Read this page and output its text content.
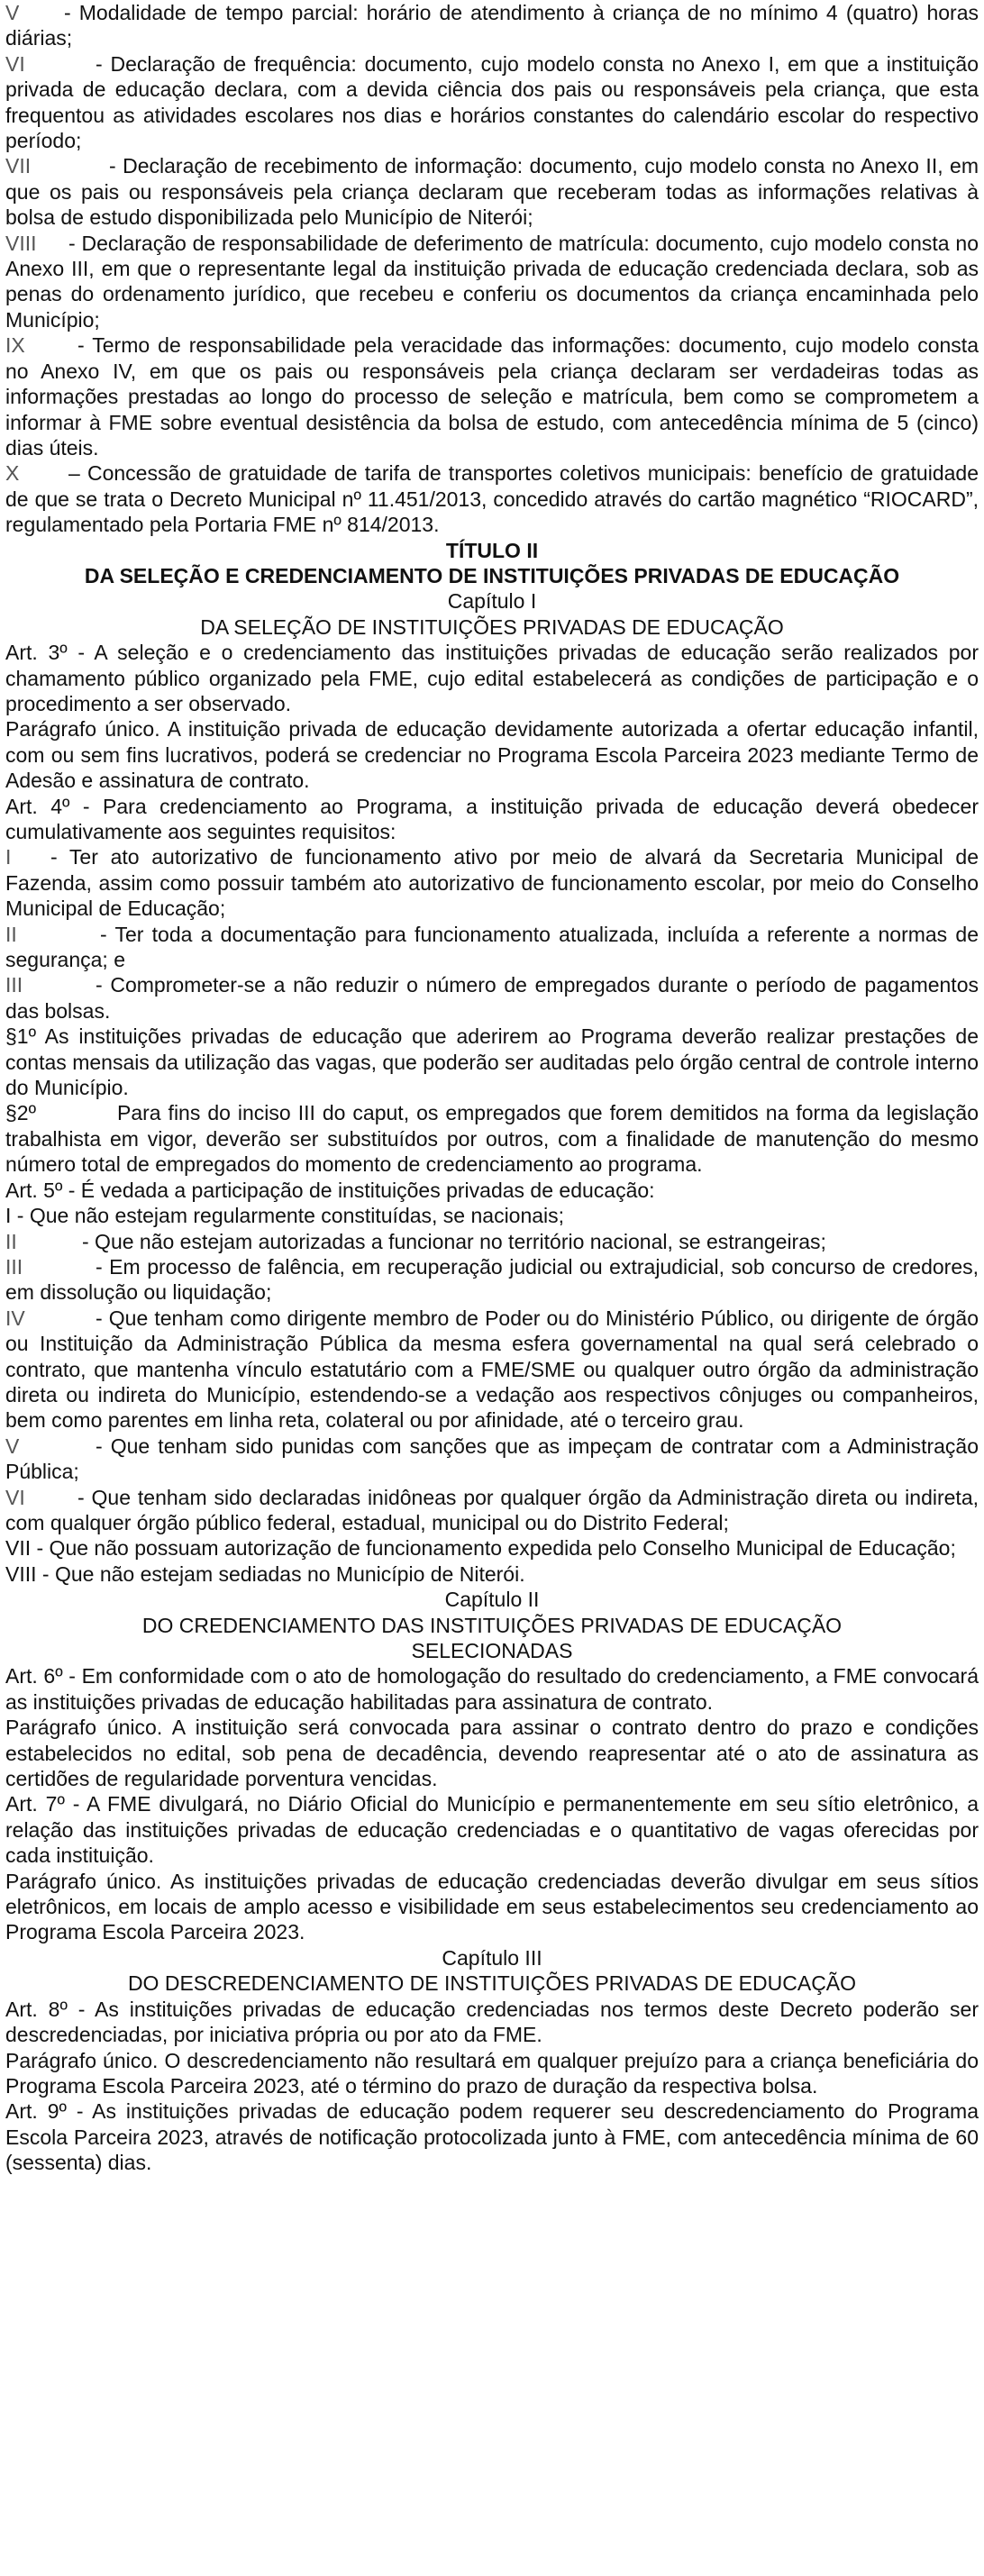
V - Modalidade de tempo parcial: horário de atendimento à criança de no mínimo 4 (quatro) horas diárias;

VI	- Declaração de frequência: documento, cujo modelo consta no Anexo I, em que a instituição privada de educação declara, com a devida ciência dos pais ou responsáveis pela criança, que esta frequentou as atividades escolares nos dias e horários constantes do calendário escolar do respectivo período;

VII	- Declaração de recebimento de informação: documento, cujo modelo consta no Anexo II, em que os pais ou responsáveis pela criança declaram que receberam todas as informações relativas à bolsa de estudo disponibilizada pelo Município de Niterói;

VIII - Declaração de responsabilidade de deferimento de matrícula: documento, cujo modelo consta no Anexo III, em que o representante legal da instituição privada de educação credenciada declara, sob as penas do ordenamento jurídico, que recebeu e conferiu os documentos da criança encaminhada pelo Município;

IX	- Termo de responsabilidade pela veracidade das informações: documento, cujo modelo consta no Anexo IV, em que os pais ou responsáveis pela criança declaram ser verdadeiras todas as informações prestadas ao longo do processo de seleção e matrícula, bem como se comprometem a informar à FME sobre eventual desistência da bolsa de estudo, com antecedência mínima de 5 (cinco) dias úteis.

X – Concessão de gratuidade de tarifa de transportes coletivos municipais: benefício de gratuidade de que se trata o Decreto Municipal nº 11.451/2013, concedido através do cartão magnético “RIOCARD”, regulamentado pela Portaria FME nº 814/2013.

TÍTULO II

DA SELEÇÃO E CREDENCIAMENTO DE INSTITUIÇÕES PRIVADAS DE EDUCAÇÃO

Capítulo I

DA SELEÇÃO DE INSTITUIÇÕES PRIVADAS DE EDUCAÇÃO

Art. 3º - A seleção e o credenciamento das instituições privadas de educação serão realizados por chamamento público organizado pela FME, cujo edital estabelecerá as condições de participação e o procedimento a ser observado.

Parágrafo único. A instituição privada de educação devidamente autorizada a ofertar educação infantil, com ou sem fins lucrativos, poderá se credenciar no Programa Escola Parceira 2023 mediante Termo de Adesão e assinatura de contrato.

Art. 4º - Para credenciamento ao Programa, a instituição privada de educação deverá obedecer cumulativamente aos seguintes requisitos:

I - Ter ato autorizativo de funcionamento ativo por meio de alvará da Secretaria Municipal de Fazenda, assim como possuir também ato autorizativo de funcionamento escolar, por meio do Conselho Municipal de Educação;

II	- Ter toda a documentação para funcionamento atualizada, incluída a referente a normas de segurança; e

III	- Comprometer-se a não reduzir o número de empregados durante o período de pagamentos das bolsas.

§1º As instituições privadas de educação que aderirem ao Programa deverão realizar prestações de contas mensais da utilização das vagas, que poderão ser auditadas pelo órgão central de controle interno do Município.

§2º	Para fins do inciso III do caput, os empregados que forem demitidos na forma da legislação trabalhista em vigor, deverão ser substituídos por outros, com a finalidade de manutenção do mesmo número total de empregados do momento de credenciamento ao programa.

Art. 5º - É vedada a participação de instituições privadas de educação:

I - Que não estejam regularmente constituídas, se nacionais;

II	- Que não estejam autorizadas a funcionar no território nacional, se estrangeiras;

III	- Em processo de falência, em recuperação judicial ou extrajudicial, sob concurso de credores, em dissolução ou liquidação;

IV	- Que tenham como dirigente membro de Poder ou do Ministério Público, ou dirigente de órgão ou Instituição da Administração Pública da mesma esfera governamental na qual será celebrado o contrato, que mantenha vínculo estatutário com a FME/SME ou qualquer outro órgão da administração direta ou indireta do Município, estendendo-se a vedação aos respectivos cônjuges ou companheiros, bem como parentes em linha reta, colateral ou por afinidade, até o terceiro grau.

V	- Que tenham sido punidas com sanções que as impeçam de contratar com a Administração Pública;

VI	- Que tenham sido declaradas inidôneas por qualquer órgão da Administração direta ou indireta, com qualquer órgão público federal, estadual, municipal ou do Distrito Federal;

VII - Que não possuam autorização de funcionamento expedida pelo Conselho Municipal de Educação;

VIII - Que não estejam sediadas no Município de Niterói.

Capítulo II

DO CREDENCIAMENTO DAS INSTITUIÇÕES PRIVADAS DE EDUCAÇÃO SELECIONADAS

Art. 6º - Em conformidade com o ato de homologação do resultado do credenciamento, a FME convocará as instituições privadas de educação habilitadas para assinatura de contrato.

Parágrafo único. A instituição será convocada para assinar o contrato dentro do prazo e condições estabelecidos no edital, sob pena de decadência, devendo reapresentar até o ato de assinatura as certidões de regularidade porventura vencidas.

Art. 7º - A FME divulgará, no Diário Oficial do Município e permanentemente em seu sítio eletrônico, a relação das instituições privadas de educação credenciadas e o quantitativo de vagas oferecidas por cada instituição.

Parágrafo único. As instituições privadas de educação credenciadas deverão divulgar em seus sítios eletrônicos, em locais de amplo acesso e visibilidade em seus estabelecimentos seu credenciamento ao Programa Escola Parceira 2023.

Capítulo III

DO DESCREDENCIAMENTO DE INSTITUIÇÕES PRIVADAS DE EDUCAÇÃO

Art. 8º - As instituições privadas de educação credenciadas nos termos deste Decreto poderão ser descredenciadas, por iniciativa própria ou por ato da FME.

Parágrafo único. O descredenciamento não resultará em qualquer prejuízo para a criança beneficiária do Programa Escola Parceira 2023, até o término do prazo de duração da respectiva bolsa.

Art. 9º - As instituições privadas de educação podem requerer seu descredenciamento do Programa Escola Parceira 2023, através de notificação protocolizada junto à FME, com antecedência mínima de 60 (sessenta) dias.
